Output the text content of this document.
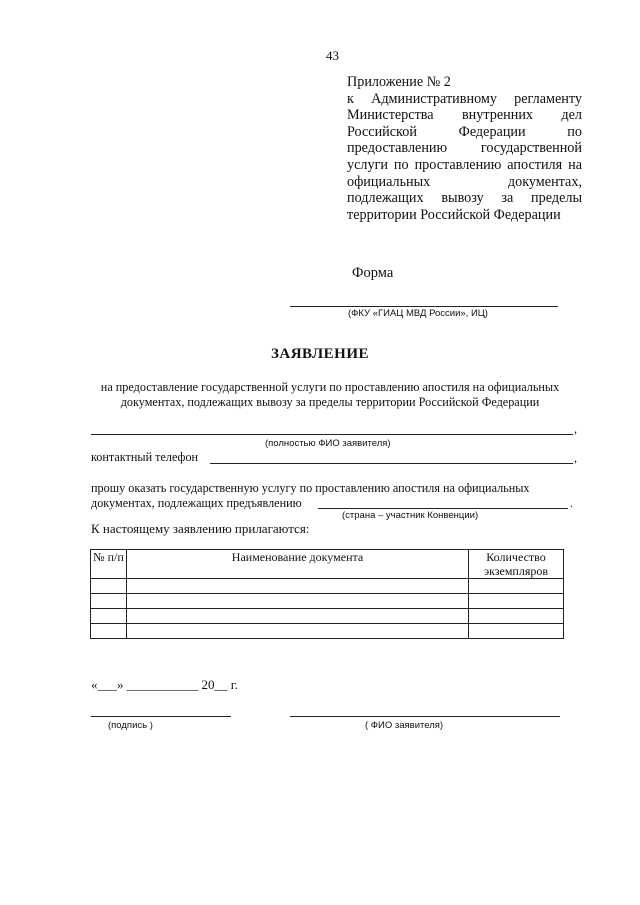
43
Приложение № 2
к Административному регламенту Министерства внутренних дел Российской Федерации по предоставлению государственной услуги по проставлению апостиля на официальных документах, подлежащих вывозу за пределы территории Российской Федерации
Форма
(ФКУ «ГИАЦ МВД России», ИЦ)
ЗАЯВЛЕНИЕ
на предоставление государственной услуги по проставлению апостиля на официальных
документах, подлежащих вывозу за пределы территории Российской Федерации
,
(полностью ФИО заявителя)
контактный телефон	,
прошу оказать государственную услугу по проставлению апостиля на официальных
документах, подлежащих предъявлению	.
(страна – участник Конвенции)
К настоящему заявлению прилагаются:
№ п/п	Наименование документа	Количество экземпляров

«___» ___________ 20__ г.
(подпись )	( ФИО заявителя)
